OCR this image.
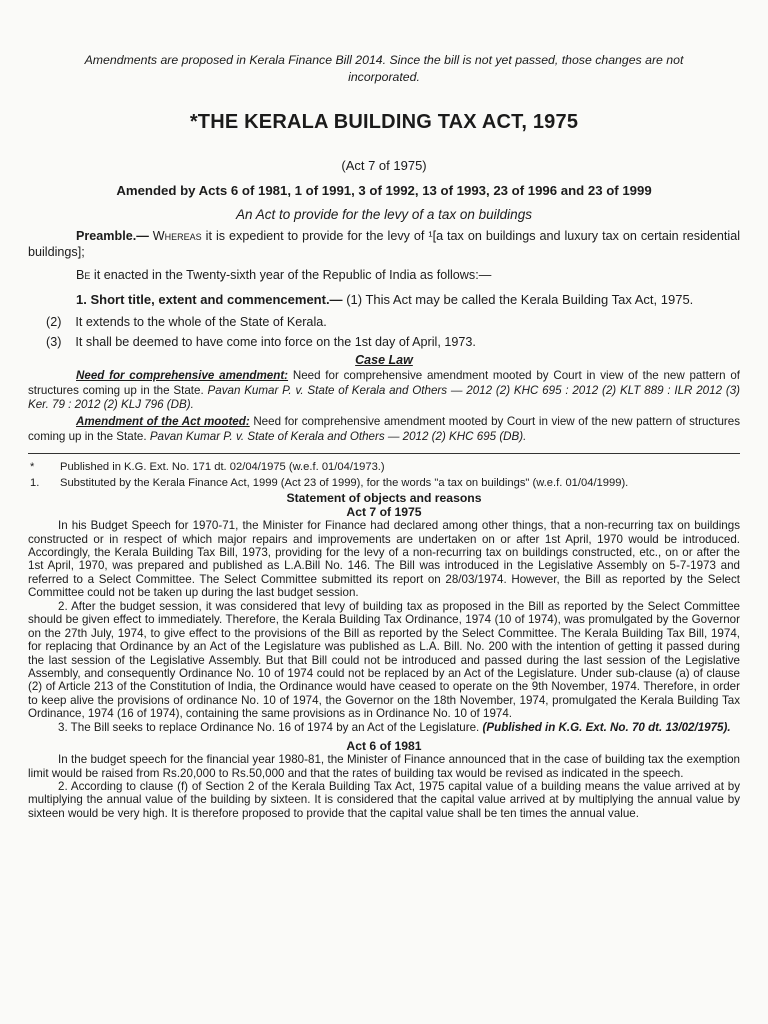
Amendments are proposed in Kerala Finance Bill 2014. Since the bill is not yet passed, those changes are not incorporated.

*THE KERALA BUILDING TAX ACT, 1975

(Act 7 of 1975)

Amended by Acts 6 of 1981, 1 of 1991, 3 of 1992, 13 of 1993, 23 of 1996 and 23 of 1999

An Act to provide for the levy of a tax on buildings

Preamble.— Whereas it is expedient to provide for the levy of ¹[a tax on buildings and luxury tax on certain residential buildings];

Be it enacted in the Twenty-sixth year of the Republic of India as follows:—

1. Short title, extent and commencement.— (1) This Act may be called the Kerala Building Tax Act, 1975.

(2) It extends to the whole of the State of Kerala.
(3) It shall be deemed to have come into force on the 1st day of April, 1973.

Case Law

Need for comprehensive amendment: Need for comprehensive amendment mooted by Court in view of the new pattern of structures coming up in the State. Pavan Kumar P. v. State of Kerala and Others — 2012 (2) KHC 695 : 2012 (2) KLT 889 : ILR 2012 (3) Ker. 79 : 2012 (2) KLJ 796 (DB).

Amendment of the Act mooted: Need for comprehensive amendment mooted by Court in view of the new pattern of structures coming up in the State. Pavan Kumar P. v. State of Kerala and Others — 2012 (2) KHC 695 (DB).

*	Published in K.G. Ext. No. 171 dt. 02/04/1975 (w.e.f. 01/04/1973.)
1. Substituted by the Kerala Finance Act, 1999 (Act 23 of 1999), for the words "a tax on buildings" (w.e.f. 01/04/1999).

Statement of objects and reasons

Act 7 of 1975

In his Budget Speech for 1970-71, the Minister for Finance had declared among other things, that a non-recurring tax on buildings constructed or in respect of which major repairs and improvements are undertaken on or after 1st April, 1970 would be introduced. Accordingly, the Kerala Building Tax Bill, 1973, providing for the levy of a non-recurring tax on buildings constructed, etc., on or after the 1st April, 1970, was prepared and published as L.A.Bill No. 146. The Bill was introduced in the Legislative Assembly on 5-7-1973 and referred to a Select Committee. The Select Committee submitted its report on 28/03/1974. However, the Bill as reported by the Select Committee could not be taken up during the last budget session.

2. After the budget session, it was considered that levy of building tax as proposed in the Bill as reported by the Select Committee should be given effect to immediately. Therefore, the Kerala Building Tax Ordinance, 1974 (10 of 1974), was promulgated by the Governor on the 27th July, 1974, to give effect to the provisions of the Bill as reported by the Select Committee. The Kerala Building Tax Bill, 1974, for replacing that Ordinance by an Act of the Legislature was published as L.A. Bill. No. 200 with the intention of getting it passed during the last session of the Legislative Assembly. But that Bill could not be introduced and passed during the last session of the Legislative Assembly, and consequently Ordinance No. 10 of 1974 could not be replaced by an Act of the Legislature. Under sub-clause (a) of clause (2) of Article 213 of the Constitution of India, the Ordinance would have ceased to operate on the 9th November, 1974. Therefore, in order to keep alive the provisions of ordinance No. 10 of 1974, the Governor on the 18th November, 1974, promulgated the Kerala Building Tax Ordinance, 1974 (16 of 1974), containing the same provisions as in Ordinance No. 10 of 1974.

3. The Bill seeks to replace Ordinance No. 16 of 1974 by an Act of the Legislature. (Published in K.G. Ext. No. 70 dt. 13/02/1975).

Act 6 of 1981

In the budget speech for the financial year 1980-81, the Minister of Finance announced that in the case of building tax the exemption limit would be raised from Rs.20,000 to Rs.50,000 and that the rates of building tax would be revised as indicated in the speech.

2. According to clause (f) of Section 2 of the Kerala Building Tax Act, 1975 capital value of a building means the value arrived at by multiplying the annual value of the building by sixteen. It is considered that the capital value arrived at by multiplying the annual value by sixteen would be very high. It is therefore proposed to provide that the capital value shall be ten times the annual value.
